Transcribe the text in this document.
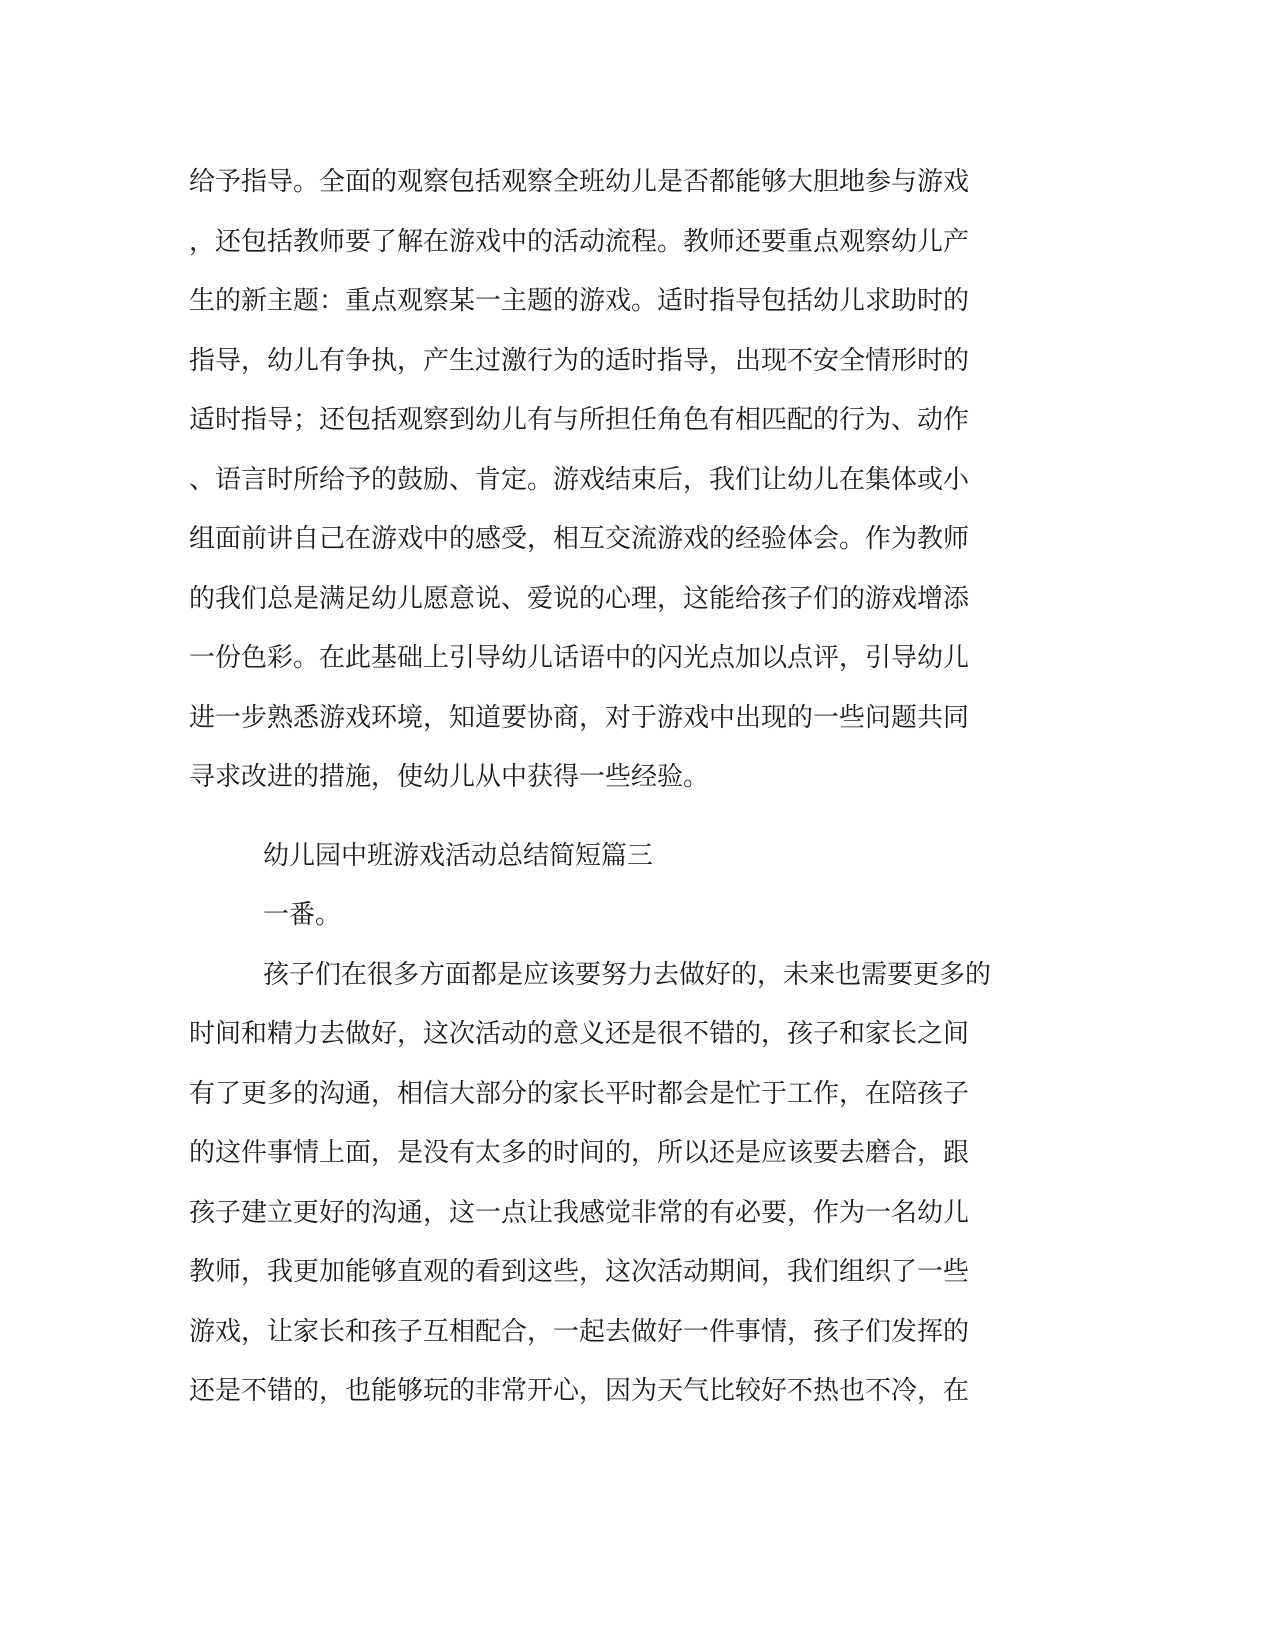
给予指导。全面的观察包括观察全班幼儿是否都能够大胆地参与游戏
，还包括教师要了解在游戏中的活动流程。教师还要重点观察幼儿产
生的新主题：重点观察某一主题的游戏。适时指导包括幼儿求助时的
指导，幼儿有争执，产生过激行为的适时指导，出现不安全情形时的
适时指导；还包括观察到幼儿有与所担任角色有相匹配的行为、动作
、语言时所给予的鼓励、肯定。游戏结束后，我们让幼儿在集体或小
组面前讲自己在游戏中的感受，相互交流游戏的经验体会。作为教师
的我们总是满足幼儿愿意说、爱说的心理，这能给孩子们的游戏增添
一份色彩。在此基础上引导幼儿话语中的闪光点加以点评，引导幼儿
进一步熟悉游戏环境，知道要协商，对于游戏中出现的一些问题共同
寻求改进的措施，使幼儿从中获得一些经验。
幼儿园中班游戏活动总结简短篇三
一番。
孩子们在很多方面都是应该要努力去做好的，未来也需要更多的
时间和精力去做好，这次活动的意义还是很不错的，孩子和家长之间
有了更多的沟通，相信大部分的家长平时都会是忙于工作，在陪孩子
的这件事情上面，是没有太多的时间的，所以还是应该要去磨合，跟
孩子建立更好的沟通，这一点让我感觉非常的有必要，作为一名幼儿
教师，我更加能够直观的看到这些，这次活动期间，我们组织了一些
游戏，让家长和孩子互相配合，一起去做好一件事情，孩子们发挥的
还是不错的，也能够玩的非常开心，因为天气比较好不热也不冷，在
